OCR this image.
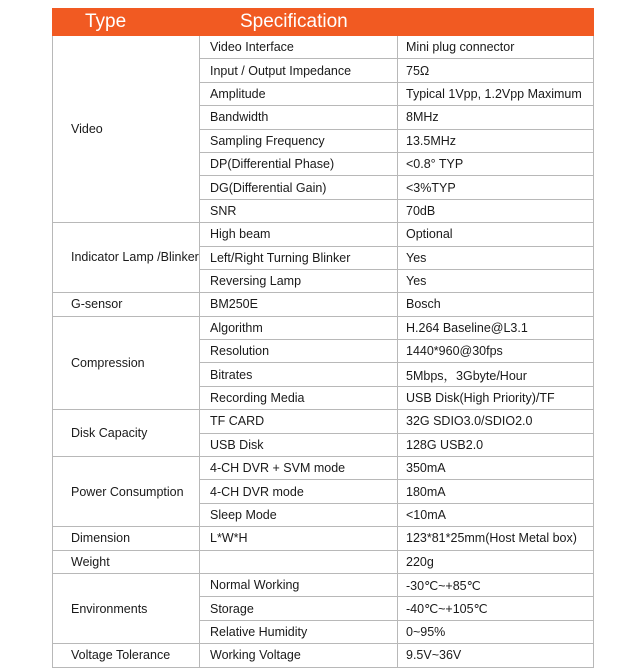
Type	Specification	
Video	Video Interface	Mini plug connector
	Input / Output Impedance	75Ω
	Amplitude	Typical 1Vpp, 1.2Vpp Maximum
	Bandwidth	8MHz
	Sampling Frequency	13.5MHz
	DP(Differential Phase)	<0.8° TYP
	DG(Differential Gain)	<3%TYP
	SNR	70dB
Indicator Lamp /Blinker	High beam	Optional
	Left/Right Turning Blinker	Yes
	Reversing Lamp	Yes
G-sensor	BM250E	Bosch
Compression	Algorithm	H.264 Baseline@L3.1
	Resolution	1440*960@30fps
	Bitrates	5Mbps，3Gbyte/Hour
	Recording Media	USB Disk(High Priority)/TF
Disk Capacity	TF CARD	32G SDIO3.0/SDIO2.0
	USB Disk	128G USB2.0
Power Consumption	4-CH DVR + SVM mode	350mA
	4-CH DVR mode	180mA
	Sleep Mode	<10mA
Dimension	L*W*H	123*81*25mm(Host Metal box)
Weight		220g
Environments	Normal Working	-30℃~+85℃
	Storage	-40℃~+105℃
	Relative Humidity	0~95%
Voltage Tolerance	Working Voltage	9.5V~36V
